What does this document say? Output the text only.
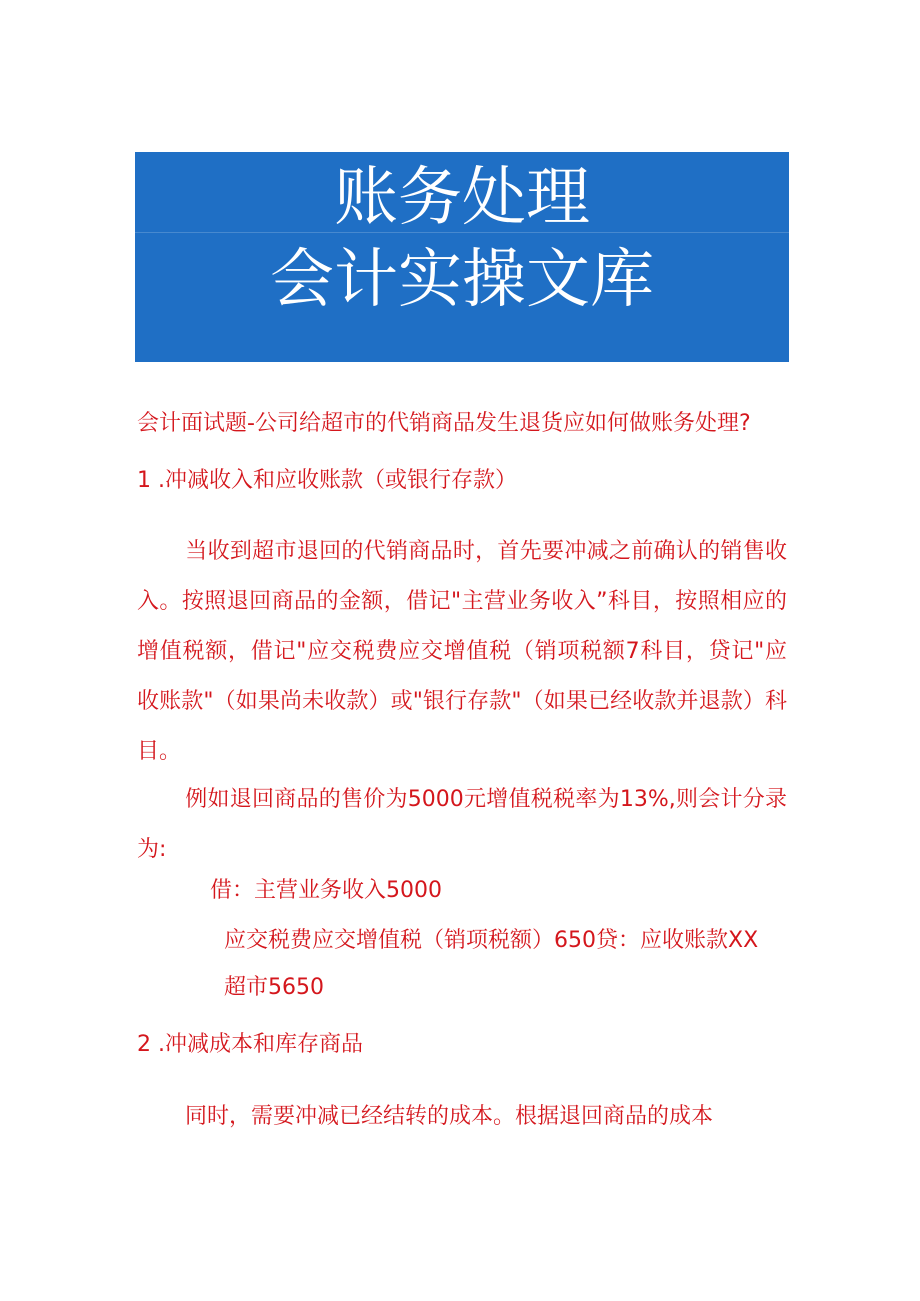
账务处理
会计实操文库
会计面试题-公司给超市的代销商品发生退货应如何做账务处理?
1 .冲减收入和应收账款（或银行存款）
当收到超市退回的代销商品时，首先要冲减之前确认的销售收入。按照退回商品的金额，借记"主营业务收入”科目，按照相应的增值税额，借记"应交税费应交增值税（销项税额7科目，贷记"应收账款"（如果尚未收款）或"银行存款"（如果已经收款并退款）科目。
例如退回商品的售价为5000元增值税税率为13%,则会计分录为:
借：主营业务收入5000
应交税费应交增值税（销项税额）650贷：应收账款XX
超市5650
2 .冲减成本和库存商品
同时，需要冲减已经结转的成本。根据退回商品的成本
